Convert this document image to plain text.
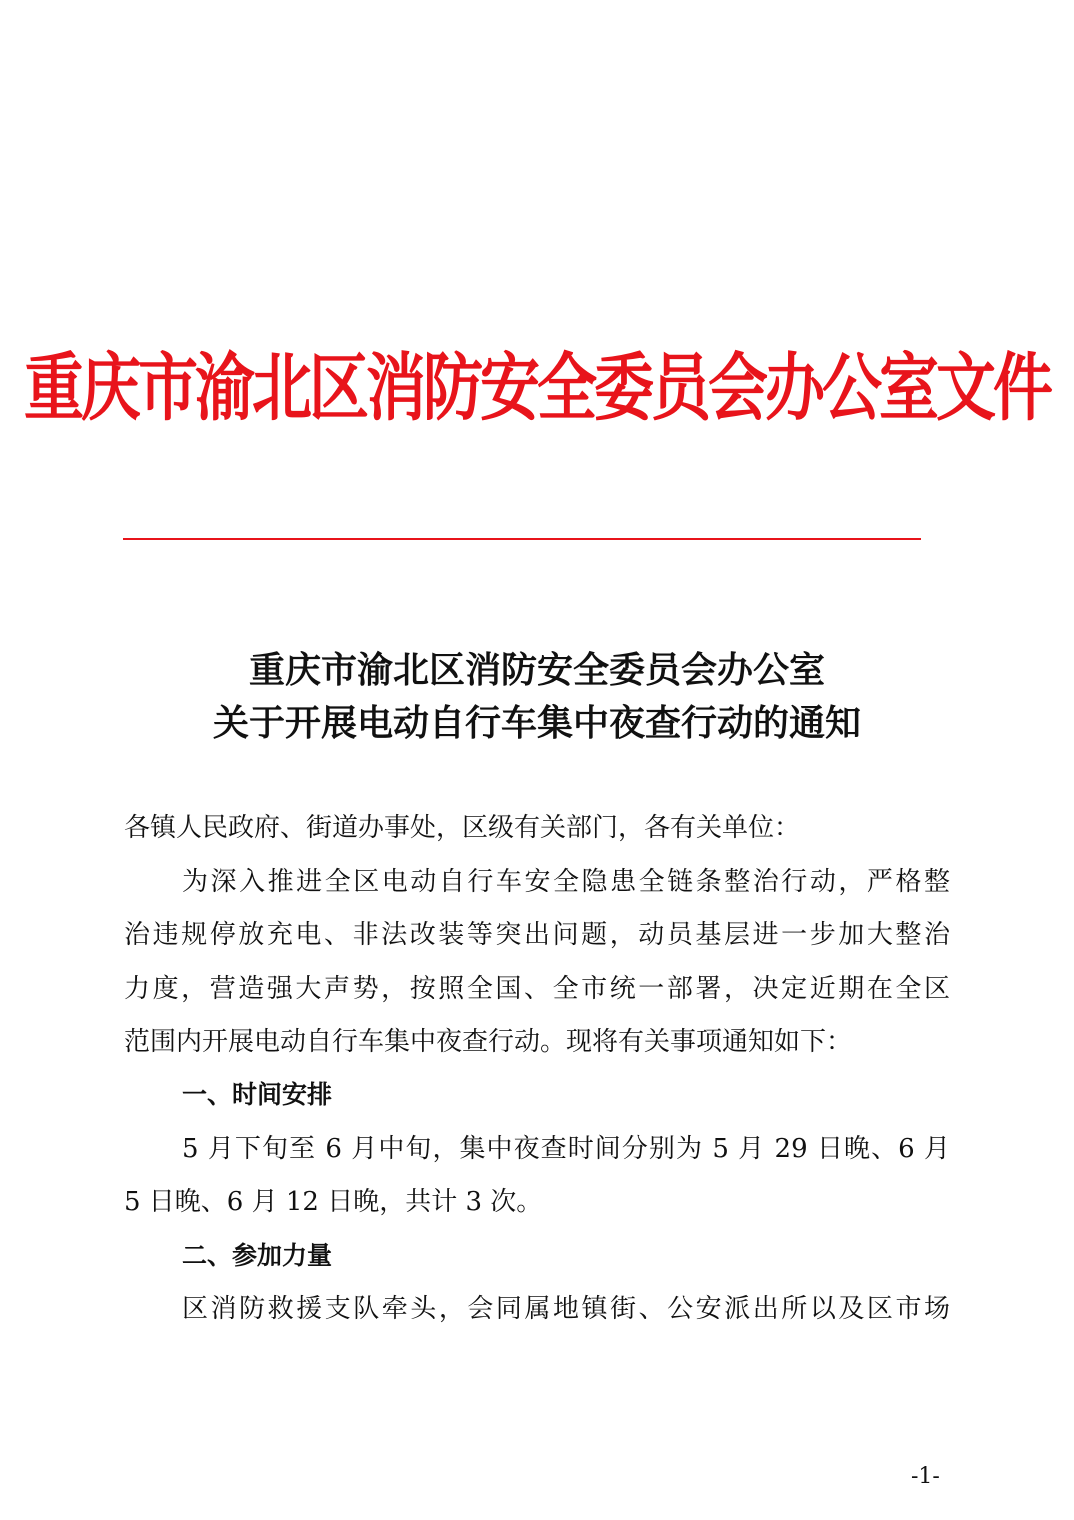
重庆市渝北区消防安全委员会办公室文件
重庆市渝北区消防安全委员会办公室
关于开展电动自行车集中夜查行动的通知
各镇人民政府、街道办事处，区级有关部门，各有关单位：
为深入推进全区电动自行车安全隐患全链条整治行动，严格整
治违规停放充电、非法改装等突出问题，动员基层进一步加大整治
力度，营造强大声势，按照全国、全市统一部署，决定近期在全区
范围内开展电动自行车集中夜查行动。现将有关事项通知如下：
一、时间安排
5 月下旬至 6 月中旬，集中夜查时间分别为 5 月 29 日晚、6 月
5 日晚、6 月 12 日晚，共计 3 次。
二、参加力量
区消防救援支队牵头，会同属地镇街、公安派出所以及区市场
-1-
